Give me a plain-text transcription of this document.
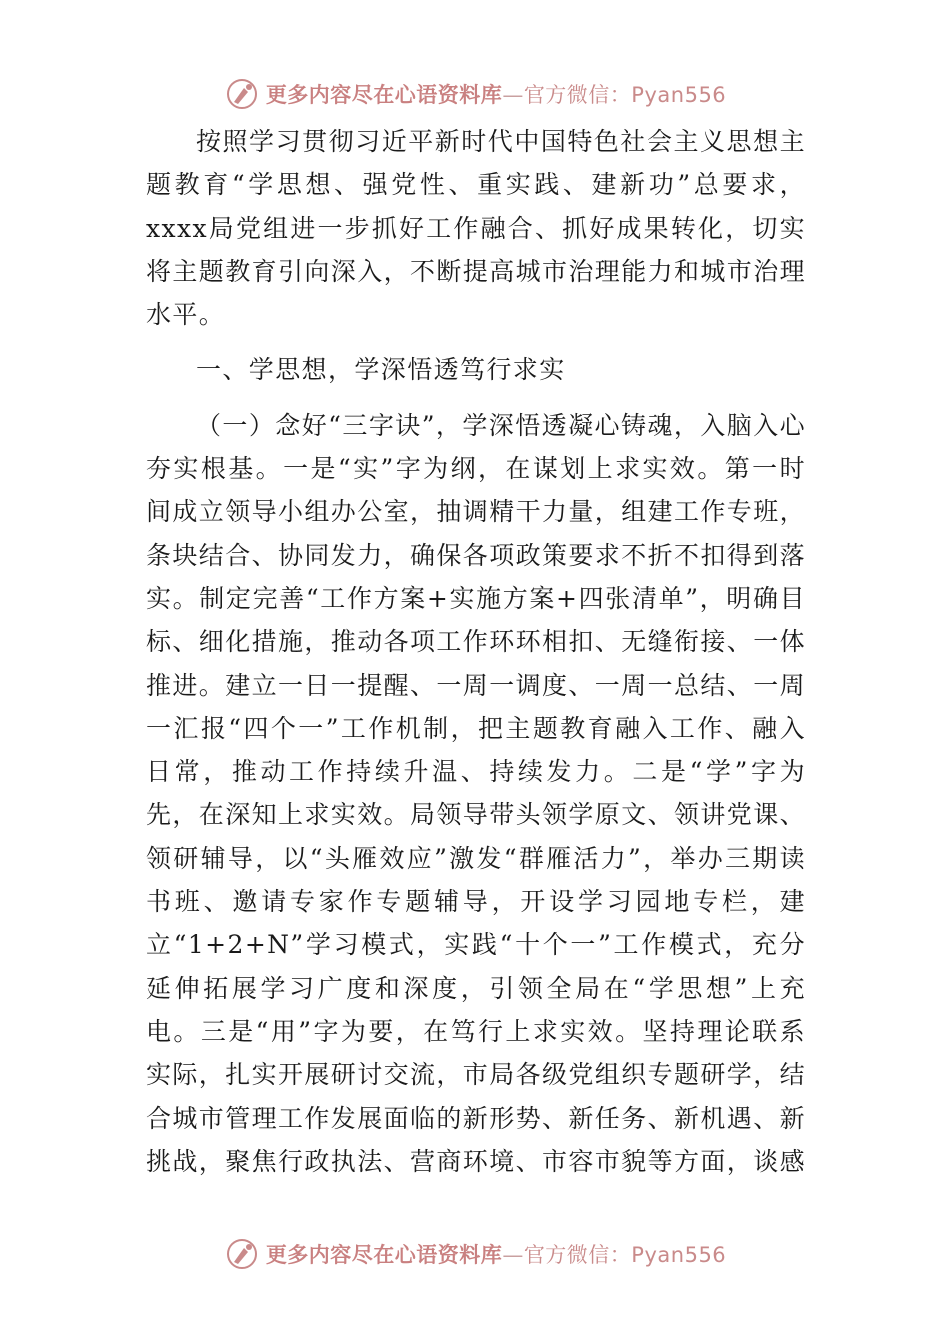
更多内容尽在心语资料库—官方微信：Pyan556

按照学习贯彻习近平新时代中国特色社会主义思想主题教育“学思想、强党性、重实践、建新功”总要求，xxxx局党组进一步抓好工作融合、抓好成果转化，切实将主题教育引向深入，不断提高城市治理能力和城市治理水平。

一、学思想，学深悟透笃行求实

（一）念好“三字诀”，学深悟透凝心铸魂，入脑入心夯实根基。一是“实”字为纲，在谋划上求实效。第一时间成立领导小组办公室，抽调精干力量，组建工作专班，条块结合、协同发力，确保各项政策要求不折不扣得到落实。制定完善“工作方案+实施方案+四张清单”，明确目标、细化措施，推动各项工作环环相扣、无缝衔接、一体推进。建立一日一提醒、一周一调度、一周一总结、一周一汇报“四个一”工作机制，把主题教育融入工作、融入日常，推动工作持续升温、持续发力。二是“学”字为先，在深知上求实效。局领导带头领学原文、领讲党课、领研辅导，以“头雁效应”激发“群雁活力”，举办三期读书班、邀请专家作专题辅导，开设学习园地专栏，建立“1+2+N”学习模式，实践“十个一”工作模式，充分延伸拓展学习广度和深度，引领全局在“学思想”上充电。三是“用”字为要，在笃行上求实效。坚持理论联系实际，扎实开展研讨交流，市局各级党组织专题研学，结合城市管理工作发展面临的新形势、新任务、新机遇、新挑战，聚焦行政执法、营商环境、市容市貌等方面，谈感

更多内容尽在心语资料库—官方微信：Pyan556
